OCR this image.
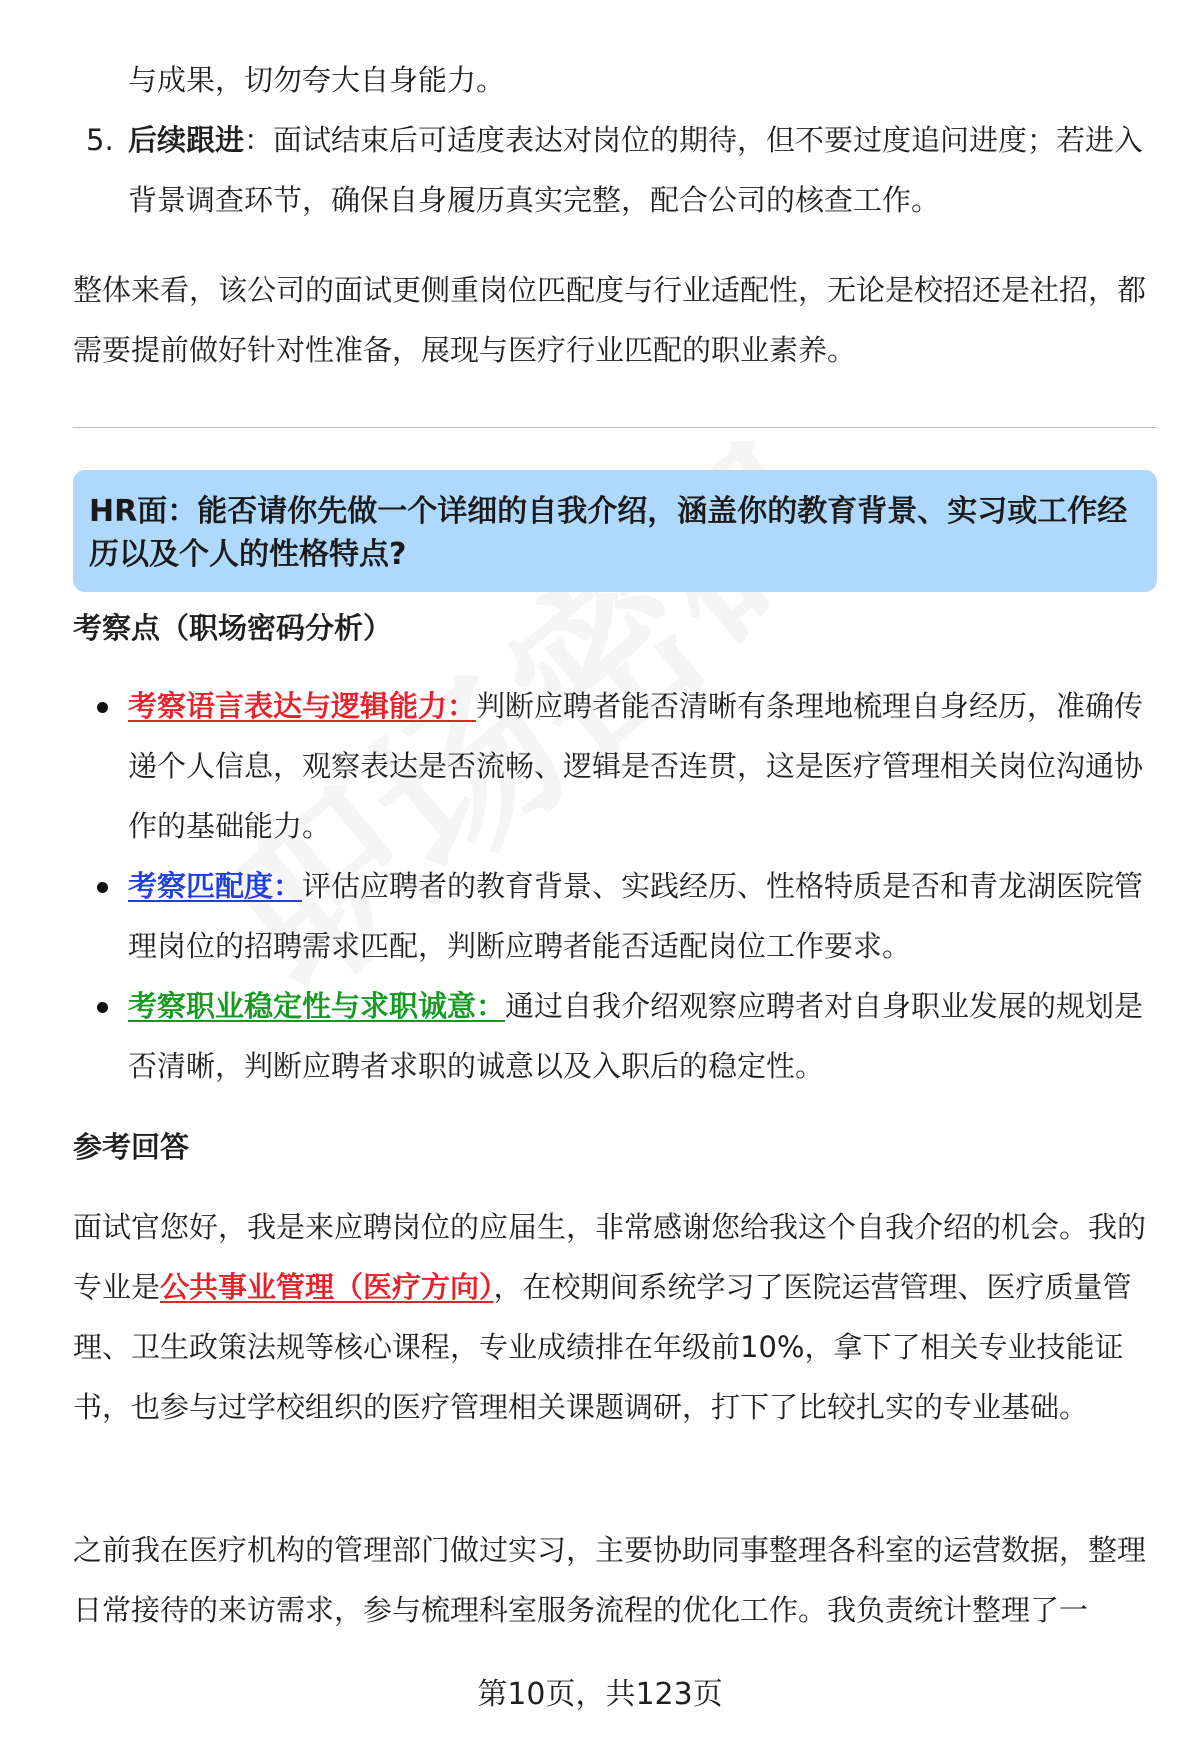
与成果，切勿夸大自身能力。
5. 后续跟进：面试结束后可适度表达对岗位的期待，但不要过度追问进度；若进入背景调查环节，确保自身履历真实完整，配合公司的核查工作。

整体来看，该公司的面试更侧重岗位匹配度与行业适配性，无论是校招还是社招，都需要提前做好针对性准备，展现与医疗行业匹配的职业素养。

HR面：能否请你先做一个详细的自我介绍，涵盖你的教育背景、实习或工作经历以及个人的性格特点?
考察点（职场密码分析）
考察语言表达与逻辑能力：判断应聘者能否清晰有条理地梳理自身经历，准确传递个人信息，观察表达是否流畅、逻辑是否连贯，这是医疗管理相关岗位沟通协作的基础能力。
考察匹配度：评估应聘者的教育背景、实践经历、性格特质是否和青龙湖医院管理岗位的招聘需求匹配，判断应聘者能否适配岗位工作要求。
考察职业稳定性与求职诚意：通过自我介绍观察应聘者对自身职业发展的规划是否清晰，判断应聘者求职的诚意以及入职后的稳定性。
参考回答

面试官您好，我是来应聘岗位的应届生，非常感谢您给我这个自我介绍的机会。我的专业是公共事业管理（医疗方向），在校期间系统学习了医院运营管理、医疗质量管理、卫生政策法规等核心课程，专业成绩排在年级前10%，拿下了相关专业技能证书，也参与过学校组织的医疗管理相关课题调研，打下了比较扎实的专业基础。

之前我在医疗机构的管理部门做过实习，主要协助同事整理各科室的运营数据，整理日常接待的来访需求，参与梳理科室服务流程的优化工作。我负责统计整理了一

第10页，共123页
